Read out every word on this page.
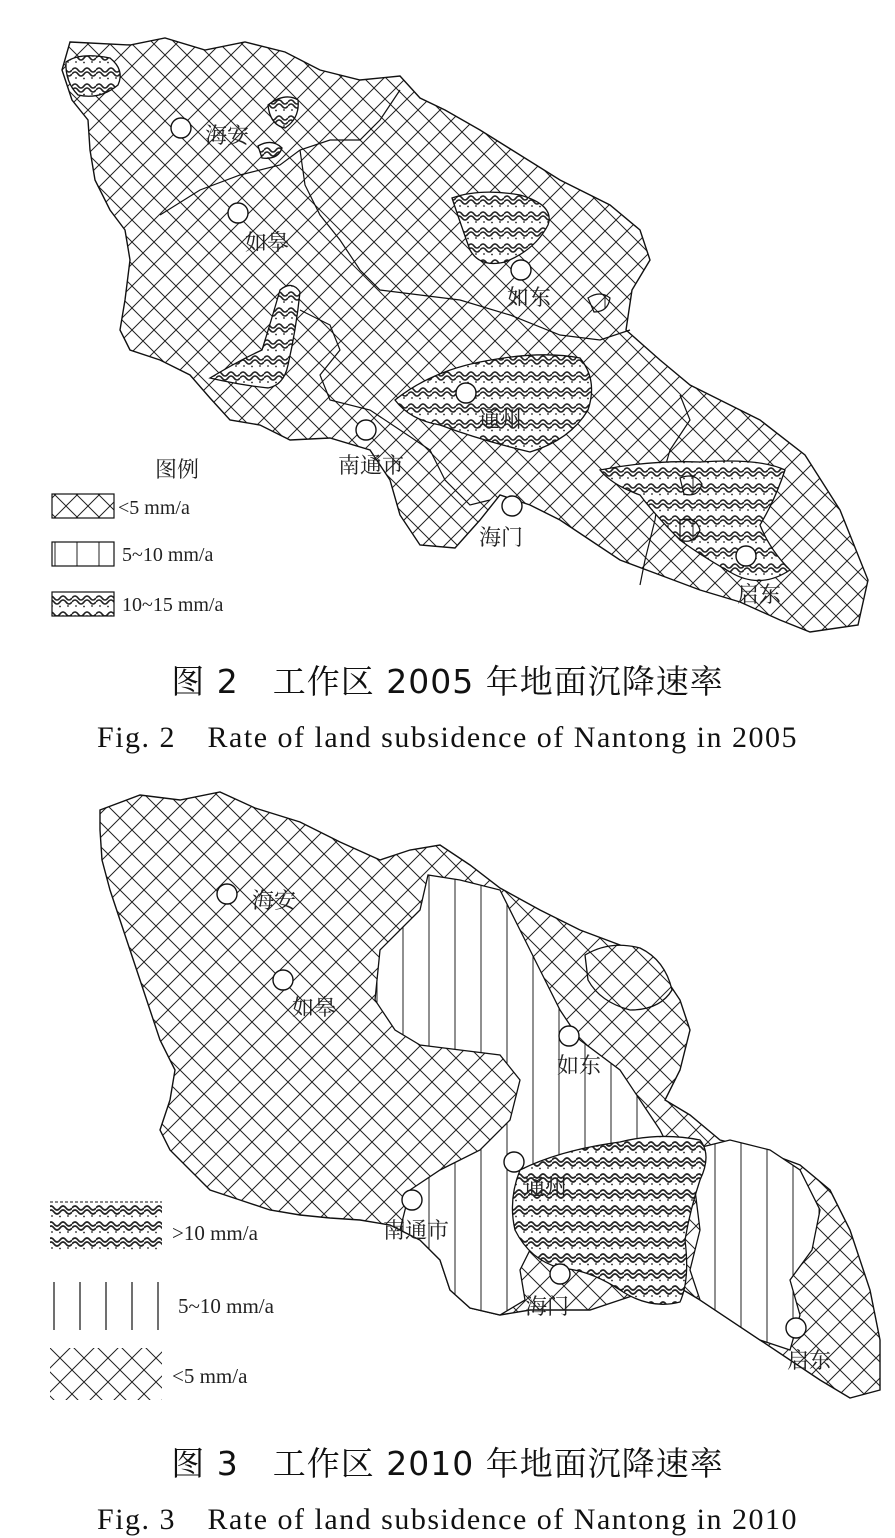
海安
如皋
如东
通州
南通市
海门
启东
图例
<5 mm/a
5~10 mm/a
10~15 mm/a
图 2　工作区 2005 年地面沉降速率
Fig. 2　Rate of land subsidence of Nantong in 2005
海安
如皋
如东
通州
南通市
海门
启东
>10 mm/a
5~10 mm/a
<5 mm/a
图 3　工作区 2010 年地面沉降速率
Fig. 3　Rate of land subsidence of Nantong in 2010
